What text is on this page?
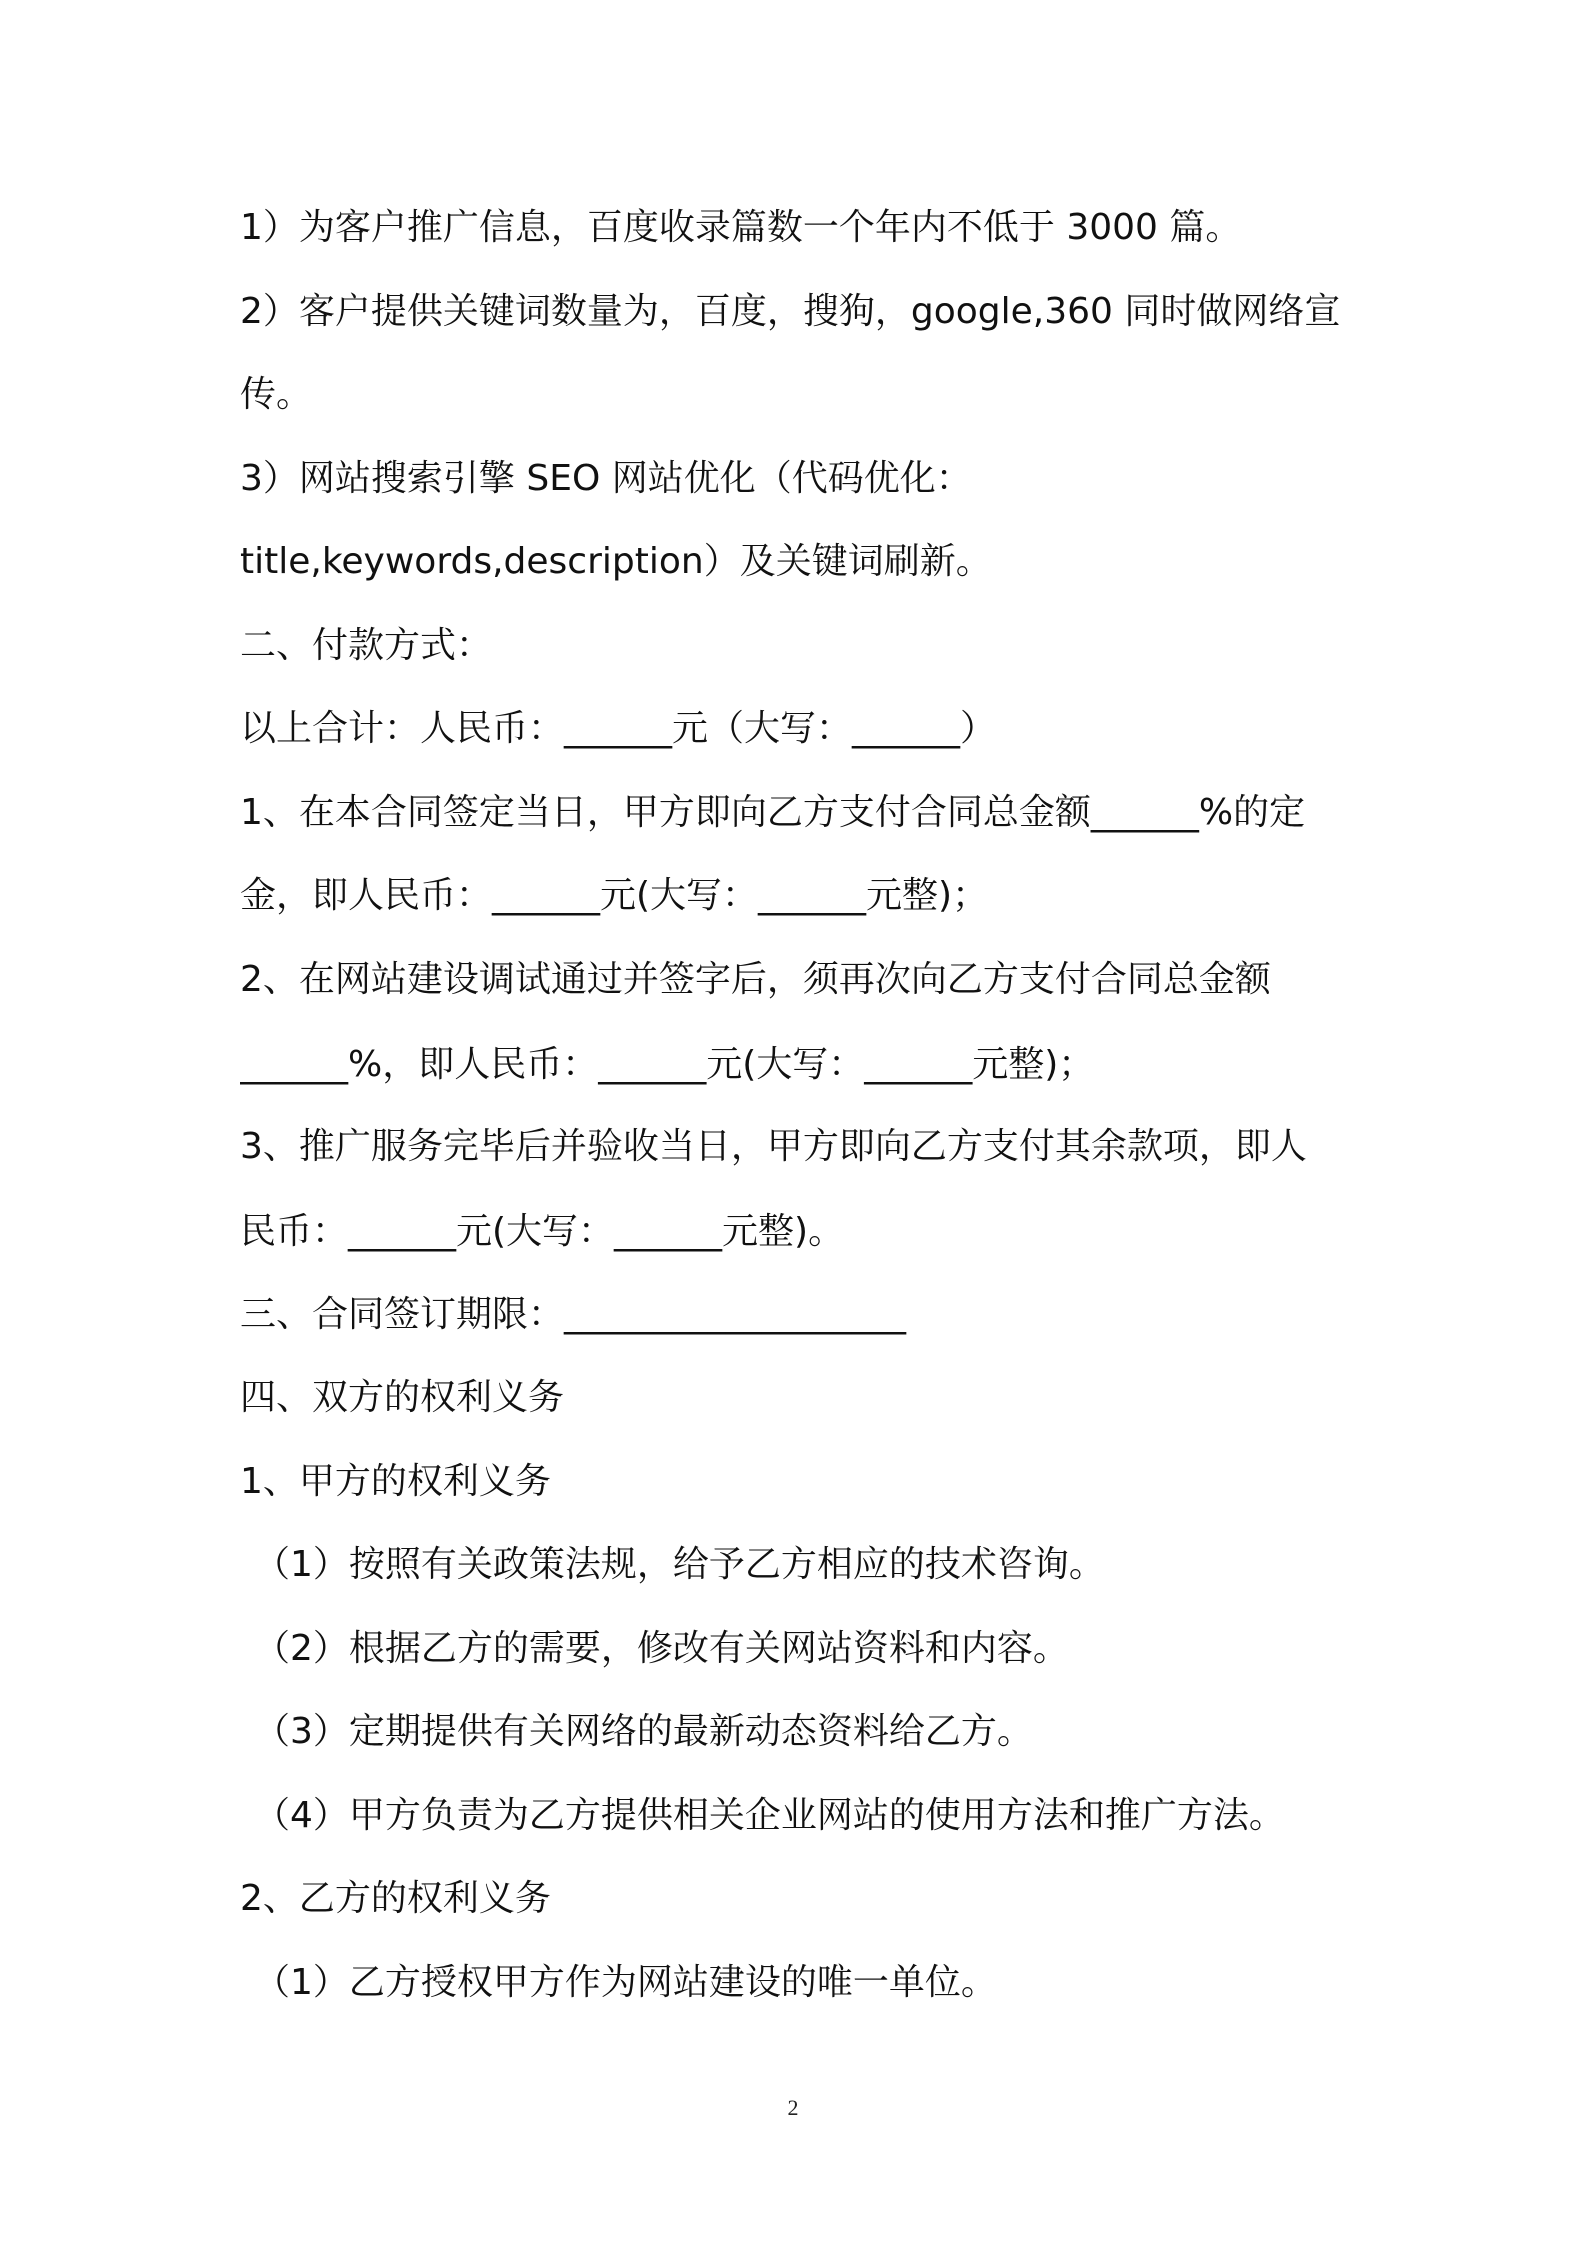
1）为客户推广信息，百度收录篇数一个年内不低于 3000 篇。
2）客户提供关键词数量为，百度，搜狗，google,360 同时做网络宣
传。
3）网站搜索引擎 SEO 网站优化（代码优化：
title,keywords,description）及关键词刷新。
二、付款方式：
以上合计：人民币：______元（大写：______）
1、在本合同签定当日，甲方即向乙方支付合同总金额______%的定
金，即人民币：______元(大写：______元整)；
2、在网站建设调试通过并签字后，须再次向乙方支付合同总金额
______%，即人民币：______元(大写：______元整)；
3、推广服务完毕后并验收当日，甲方即向乙方支付其余款项，即人
民币：______元(大写：______元整)。
三、合同签订期限：___________________
四、双方的权利义务
1、甲方的权利义务
（1）按照有关政策法规，给予乙方相应的技术咨询。
（2）根据乙方的需要，修改有关网站资料和内容。
（3）定期提供有关网络的最新动态资料给乙方。
（4）甲方负责为乙方提供相关企业网站的使用方法和推广方法。
2、乙方的权利义务
（1）乙方授权甲方作为网站建设的唯一单位。
2
